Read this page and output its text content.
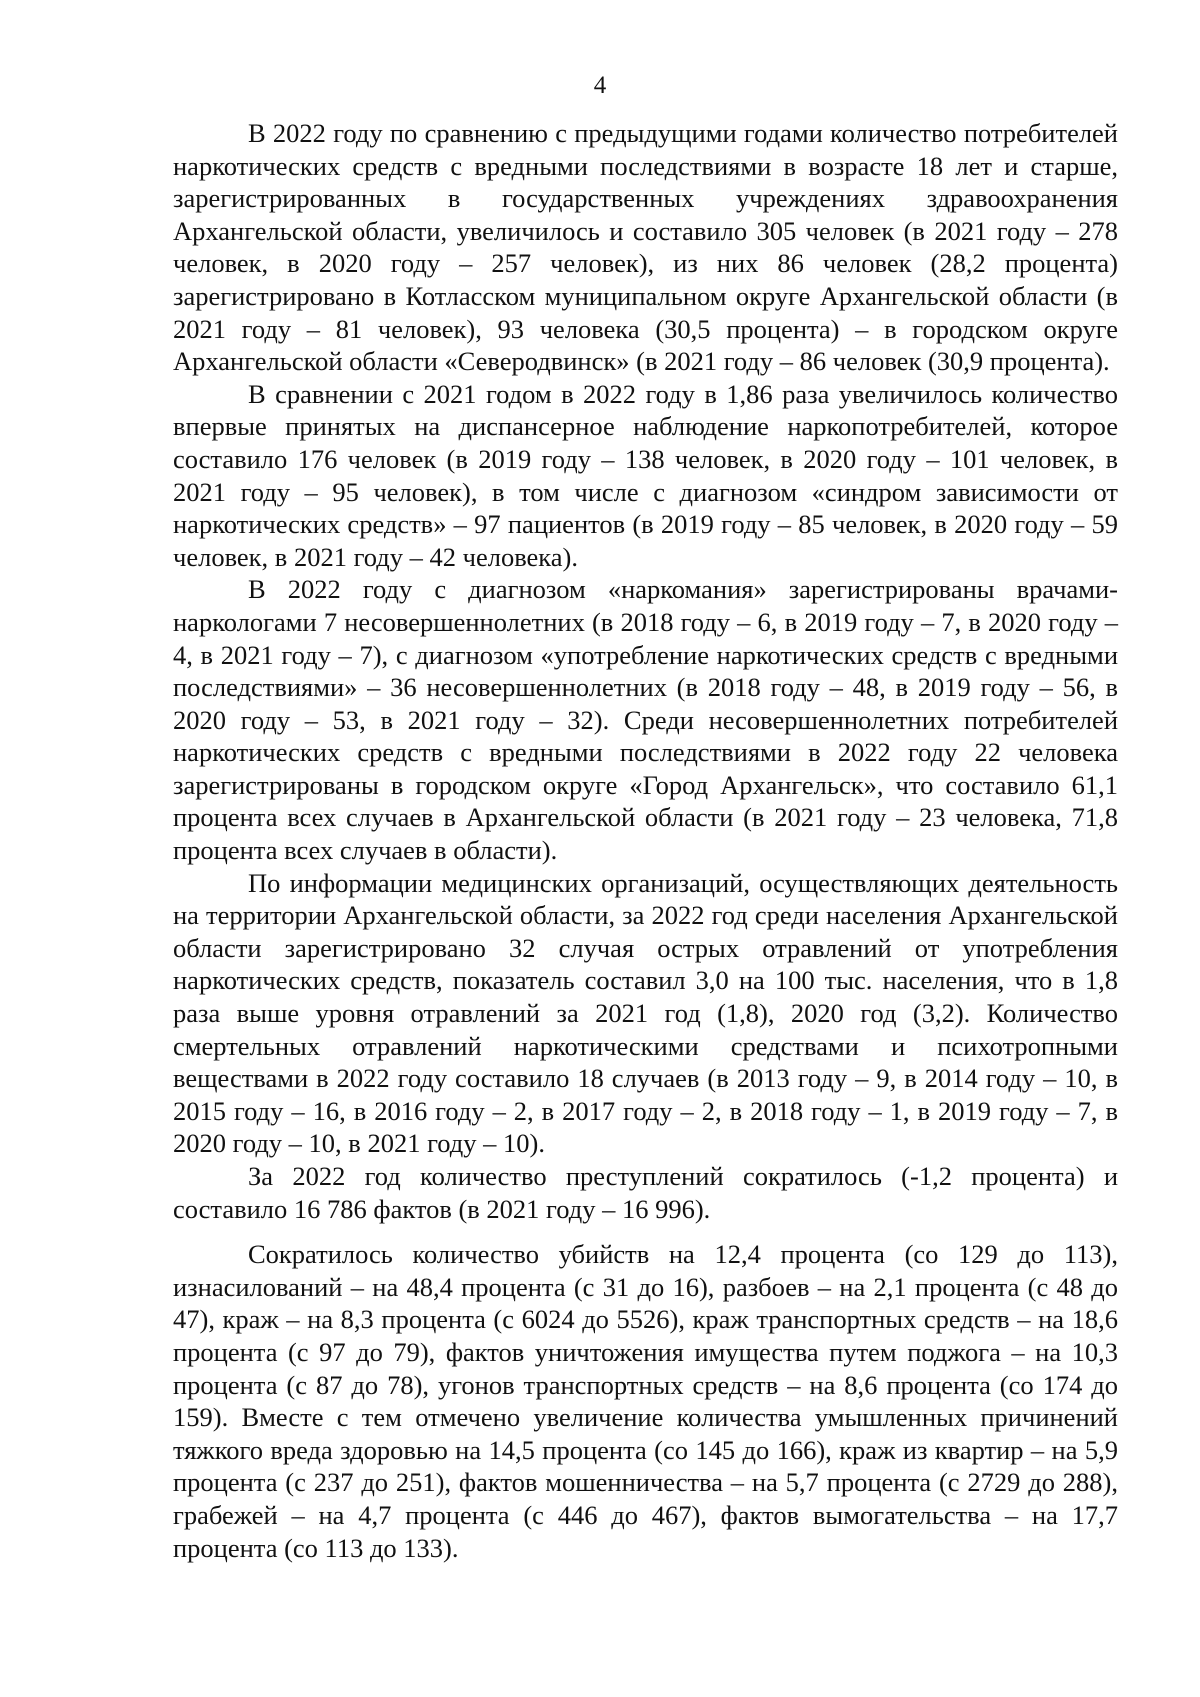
4

В 2022 году по сравнению с предыдущими годами количество потребителей наркотических средств с вредными последствиями в возрасте 18 лет и старше, зарегистрированных в государственных учреждениях здравоохранения Архангельской области, увеличилось и составило 305 человек (в 2021 году – 278 человек, в 2020 году – 257 человек), из них 86 человек (28,2 процента) зарегистрировано в Котласском муниципальном округе Архангельской области (в 2021 году – 81 человек), 93 человека (30,5 процента) – в городском округе Архангельской области «Северодвинск» (в 2021 году – 86 человек (30,9 процента).

В сравнении с 2021 годом в 2022 году в 1,86 раза увеличилось количество впервые принятых на диспансерное наблюдение наркопотребителей, которое составило 176 человек (в 2019 году – 138 человек, в 2020 году – 101 человек, в 2021 году – 95 человек), в том числе с диагнозом «синдром зависимости от наркотических средств» – 97 пациентов (в 2019 году – 85 человек, в 2020 году – 59 человек, в 2021 году – 42 человека).

В 2022 году с диагнозом «наркомания» зарегистрированы врачами-наркологами 7 несовершеннолетних (в 2018 году – 6, в 2019 году – 7, в 2020 году – 4, в 2021 году – 7), с диагнозом «употребление наркотических средств с вредными последствиями» – 36 несовершеннолетних (в 2018 году – 48, в 2019 году – 56, в 2020 году – 53, в 2021 году – 32). Среди несовершеннолетних потребителей наркотических средств с вредными последствиями в 2022 году 22 человека зарегистрированы в городском округе «Город Архангельск», что составило 61,1 процента всех случаев в Архангельской области (в 2021 году – 23 человека, 71,8 процента всех случаев в области).

По информации медицинских организаций, осуществляющих деятельность на территории Архангельской области, за 2022 год среди населения Архангельской области зарегистрировано 32 случая острых отравлений от употребления наркотических средств, показатель составил 3,0 на 100 тыс. населения, что в 1,8 раза выше уровня отравлений за 2021 год (1,8), 2020 год (3,2). Количество смертельных отравлений наркотическими средствами и психотропными веществами в 2022 году составило 18 случаев (в 2013 году – 9, в 2014 году – 10, в 2015 году – 16, в 2016 году – 2, в 2017 году – 2, в 2018 году – 1, в 2019 году – 7, в 2020 году – 10, в 2021 году – 10).

За 2022 год количество преступлений сократилось (-1,2 процента) и составило 16 786 фактов (в 2021 году – 16 996).

Сократилось количество убийств на 12,4 процента (со 129 до 113), изнасилований – на 48,4 процента (с 31 до 16), разбоев – на 2,1 процента (с 48 до 47), краж – на 8,3 процента (с 6024 до 5526), краж транспортных средств – на 18,6 процента (с 97 до 79), фактов уничтожения имущества путем поджога – на 10,3 процента (с 87 до 78), угонов транспортных средств – на 8,6 процента (со 174 до 159). Вместе с тем отмечено увеличение количества умышленных причинений тяжкого вреда здоровью на 14,5 процента (со 145 до 166), краж из квартир – на 5,9 процента (с 237 до 251), фактов мошенничества – на 5,7 процента (с 2729 до 288), грабежей – на 4,7 процента (с 446 до 467), фактов вымогательства – на 17,7 процента (со 113 до 133).
